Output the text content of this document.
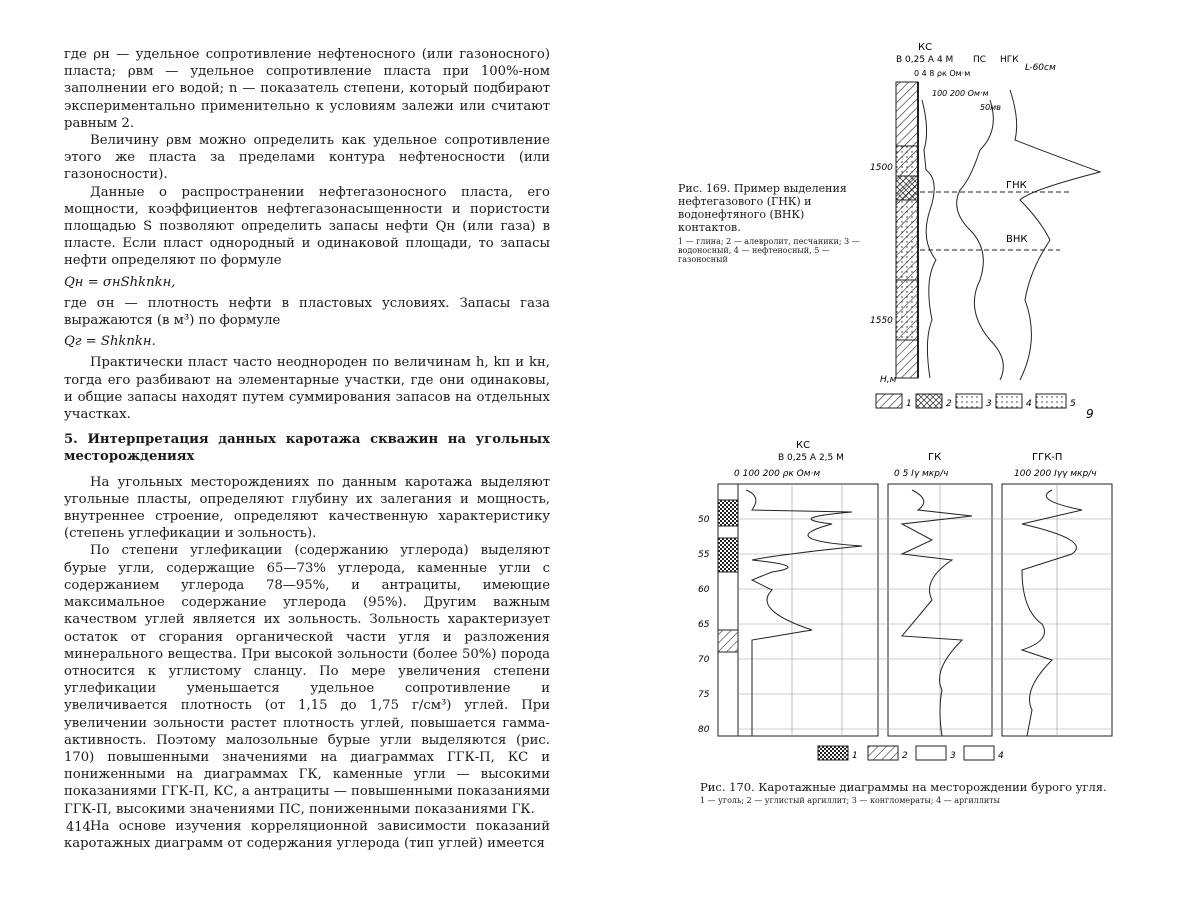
где ρн — удельное сопротивление нефтеносного (или газоносного) пласта; ρвм — удельное сопротивление пласта при 100%-ном заполнении его водой; n — показатель степени, который подбирают экспериментально применительно к условиям залежи или считают равным 2.

Величину ρвм можно определить как удельное сопротивление этого же пласта за пределами контура нефтеносности (или газоносности).

Данные о распространении нефтегазоносного пласта, его мощности, коэффициентов нефтегазонасыщенности и пористости площадью S позволяют определить запасы нефти Qн (или газа) в пласте. Если пласт однородный и одинаковой площади, то запасы нефти определяют по формуле

Qн = σнShkпkн,

где σн — плотность нефти в пластовых условиях. Запасы газа выражаются (в м³) по формуле

Qг = Shkпkн.

Практически пласт часто неоднороден по величинам h, kп и kн, тогда его разбивают на элементарные участки, где они одинаковы, и общие запасы находят путем суммирования запасов на отдельных участках.

5. Интерпретация данных каротажа скважин на угольных месторождениях

На угольных месторождениях по данным каротажа выделяют угольные пласты, определяют глубину их залегания и мощность, внутреннее строение, определяют качественную характеристику (степень углефикации и зольность).

По степени углефикации (содержанию углерода) выделяют бурые угли, содержащие 65—73% углерода, каменные угли с содержанием углерода 78—95%, и антрациты, имеющие максимальное содержание углерода (95%). Другим важным качеством углей является их зольность. Зольность характеризует остаток от сгорания органической части угля и разложения минерального вещества. При высокой зольности (более 50%) порода относится к углистому сланцу. По мере увеличения степени углефикации уменьшается удельное сопротивление и увеличивается плотность (от 1,15 до 1,75 г/см³) углей. При увеличении зольности растет плотность углей, повышается гамма-активность. Поэтому малозольные бурые угли выделяются (рис. 170) повышенными значениями на диаграммах ГГК-П, КС и пониженными на диаграммах ГК, каменные угли — высокими показаниями ГГК-П, КС, а антрациты — повышенными показаниями ГГК-П, высокими значениями ПС, пониженными показаниями ГК.

На основе изучения корреляционной зависимости показаний каротажных диаграмм от содержания углерода (тип углей) имеется

414
КС
В 0,25 А 4 М ПС НГК
L-60см
0 4 8 ρк Ом·м
100 200 Ом·м
50мв
ГНК
ВНК
1500
1550
H,м
1	2	3	4	5
9
Рис. 169. Пример выделения нефтегазового (ГНК) и водонефтяного (ВНК) контактов.
1 — глина; 2 — алевролит, песчаники; 3 — водоносный, 4 — нефтеносный, 5 — газоносный
КС
В 0,25 А 2,5 М	ГК	ГГК-П
0 100 200 ρк Ом·м	0 5 Iγ мкр/ч	100 200 Iγγ мкр/ч
50
55
60
65
70
75
80
1	2	3	4
Рис. 170. Каротажные диаграммы на месторождении бурого угля.
1 — уголь; 2 — углистый аргиллит; 3 — конгломераты; 4 — аргиллиты
